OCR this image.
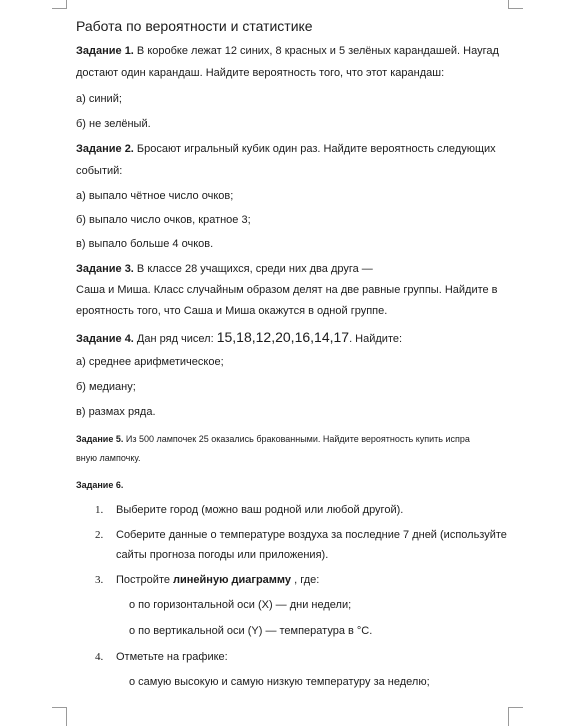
Работа по вероятности и статистике
Задание 1. В коробке лежат 12 синих, 8 красных и 5 зелёных карандашей. Наугад
достают один карандаш. Найдите вероятность того, что этот карандаш:
а) синий;
б) не зелёный.
Задание 2. Бросают игральный кубик один раз. Найдите вероятность следующих
событий:
а) выпало чётное число очков;
б) выпало число очков, кратное 3;
в) выпало больше 4 очков.
Задание 3. В классе 28 учащихся, среди них два друга —
Саша и Миша. Класс случайным образом делят на две равные группы. Найдите в
ероятность того, что Саша и Миша окажутся в одной группе.
Задание 4. Дан ряд чисел: 15,18,12,20,16,14,17. Найдите:
а) среднее арифметическое;
б) медиану;
в) размах ряда.
Задание 5. Из 500 лампочек 25 оказались бракованными. Найдите вероятность купить испра
вную лампочку.
Задание 6.
1. Выберите город (можно ваш родной или любой другой).
2. Соберите данные о температуре воздуха за последние 7 дней (используйте
сайты прогноза погоды или приложения).
3. Постройте линейную диаграмму , где:
о по горизонтальной оси (X) — дни недели;
о по вертикальной оси (Y) — температура в °С.
4. Отметьте на графике:
о самую высокую и самую низкую температуру за неделю;
